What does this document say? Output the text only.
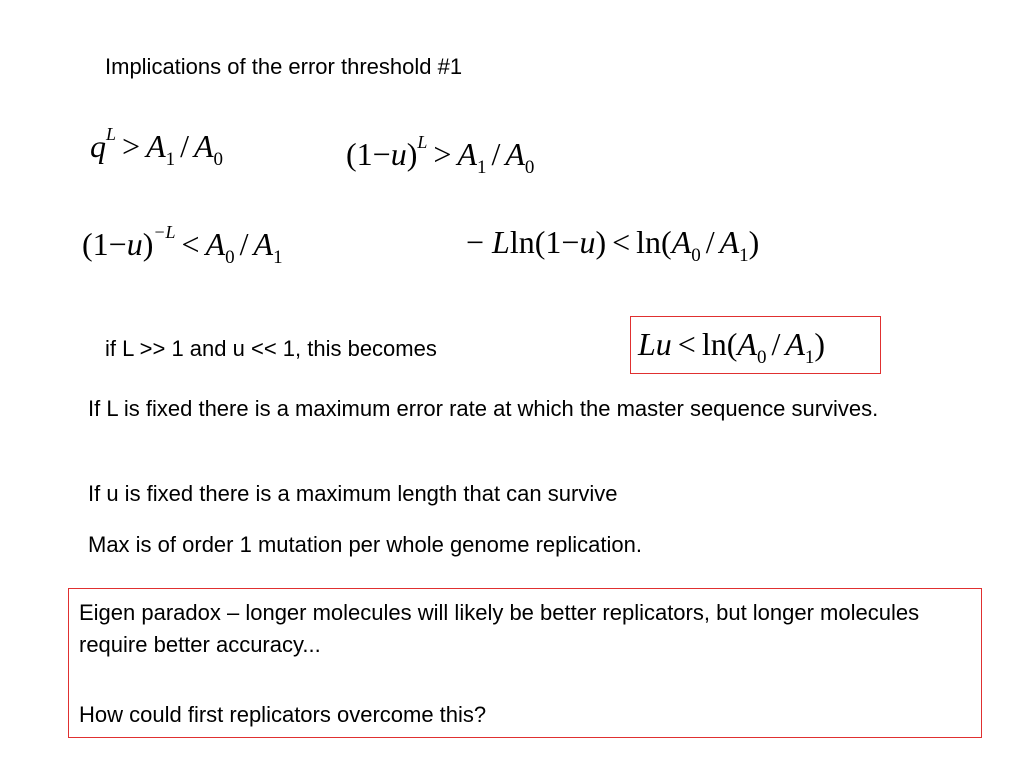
Implications of the error threshold #1
$q^L > A_1 / A_0$	$(1-u)^L > A_1 / A_0$
$(1-u)^{-L} < A_0 / A_1$	− $Lln(1-u) < \ln(A_0 / A_1)$
if L >> 1 and u << 1, this becomes	$Lu < \ln(A_0 / A_1)$
If L is fixed there is a maximum error rate at which the master sequence survives.
If u is fixed there is a maximum length that can survive
Max is of order 1 mutation per whole genome replication.

Eigen paradox – longer molecules will likely be better replicators, but longer molecules require better accuracy...

How could first replicators overcome this?
